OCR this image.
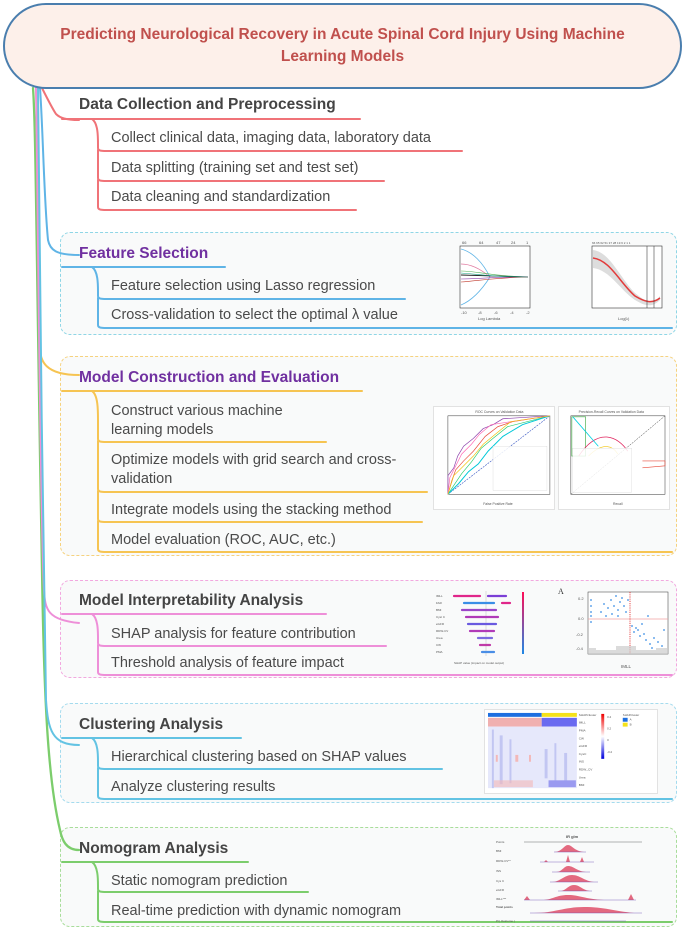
Predicting Neurological Recovery in Acute Spinal Cord Injury Using Machine Learning Models
Data Collection and Preprocessing
Collect clinical data, imaging data, laboratory data
Data splitting (training set and test set)
Data cleaning and standardization
Feature Selection
Feature selection using Lasso regression
Cross-validation to select the optimal λ value
66	64	47	24	1
Log Lambda
-10	-8	-6	-4	-2
66 65 62 51 37 28 19 6 2 1 1
Log(λ)
Model Construction and Evaluation
Construct various machine learning models
Optimize models with grid search and cross-validation
Integrate models using the stacking method
Model evaluation (ROC, AUC, etc.)
ROC Curves on Validation Data
False Positive Rate
Precision-Recall Curves on Validation Data
Recall
Model Interpretability Analysis
SHAP analysis for feature contribution
Threshold analysis of feature impact
IMLL
FAR
BMI
Cyst C
eGFR
RDW-CV
Urea
CW
PMA
SHAP value (impact on model output)
A
0.2
0.0
-0.2
-0.4
IMLL
Clustering Analysis
Hierarchical clustering based on SHAP values
Analyze clustering results
SHAPcluster
IMLL
PMA
CW
eGFR
CysC
INS
RDW_CV
Urea
BMI
0.4
0.2
0
-0.2
SHAPcluster
A
B
Nomogram Analysis
Static nomogram prediction
Real-time prediction with dynamic nomogram
IR glm
Points
BMI
RDW-CV**
INS
Cys C
eGFR
IMLL***
Total points
Pr( Outcome )
